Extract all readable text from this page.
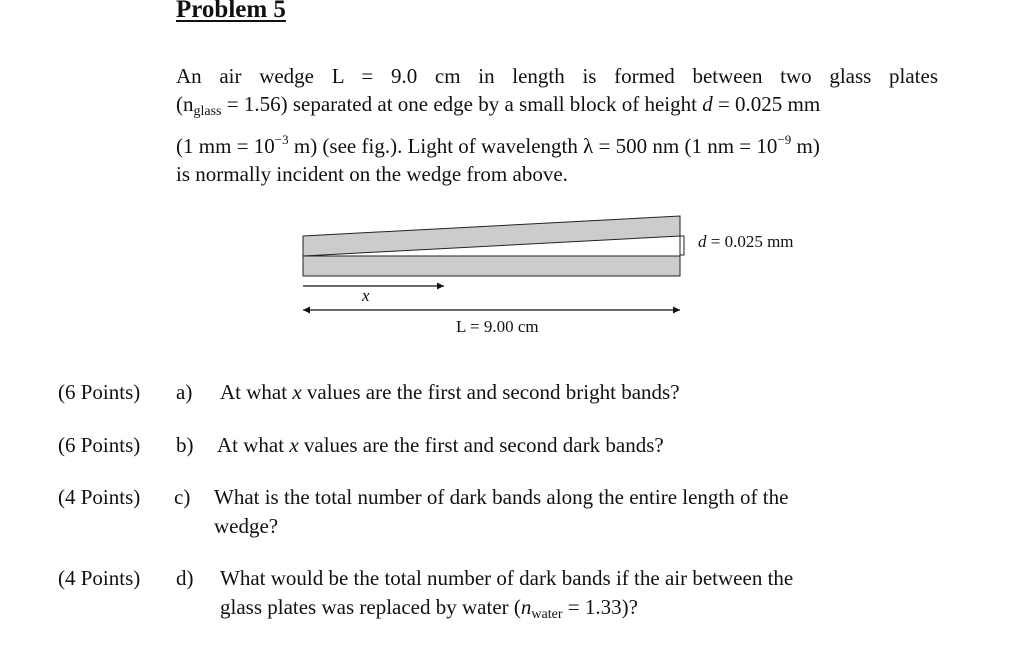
Problem 5
An air wedge L = 9.0 cm in length is formed between two glass plates
$(n_{glass} = 1.56)$ separated at one edge by a small block of height d = 0.025 mm
(1 mm = $10^{-3}$ m) (see fig.). Light of wavelength λ = 500 nm (1 nm = $10^{-9}$ m)
is normally incident on the wedge from above.
d = 0.025 mm
x
L = 9.00 cm
(6 Points) a) At what x values are the first and second bright bands?
(6 Points) b) At what x values are the first and second dark bands?
(4 Points) c) What is the total number of dark bands along the entire length of the
wedge?
(4 Points) d) What would be the total number of dark bands if the air between the
glass plates was replaced by water $(n_{water} = 1.33)$?
